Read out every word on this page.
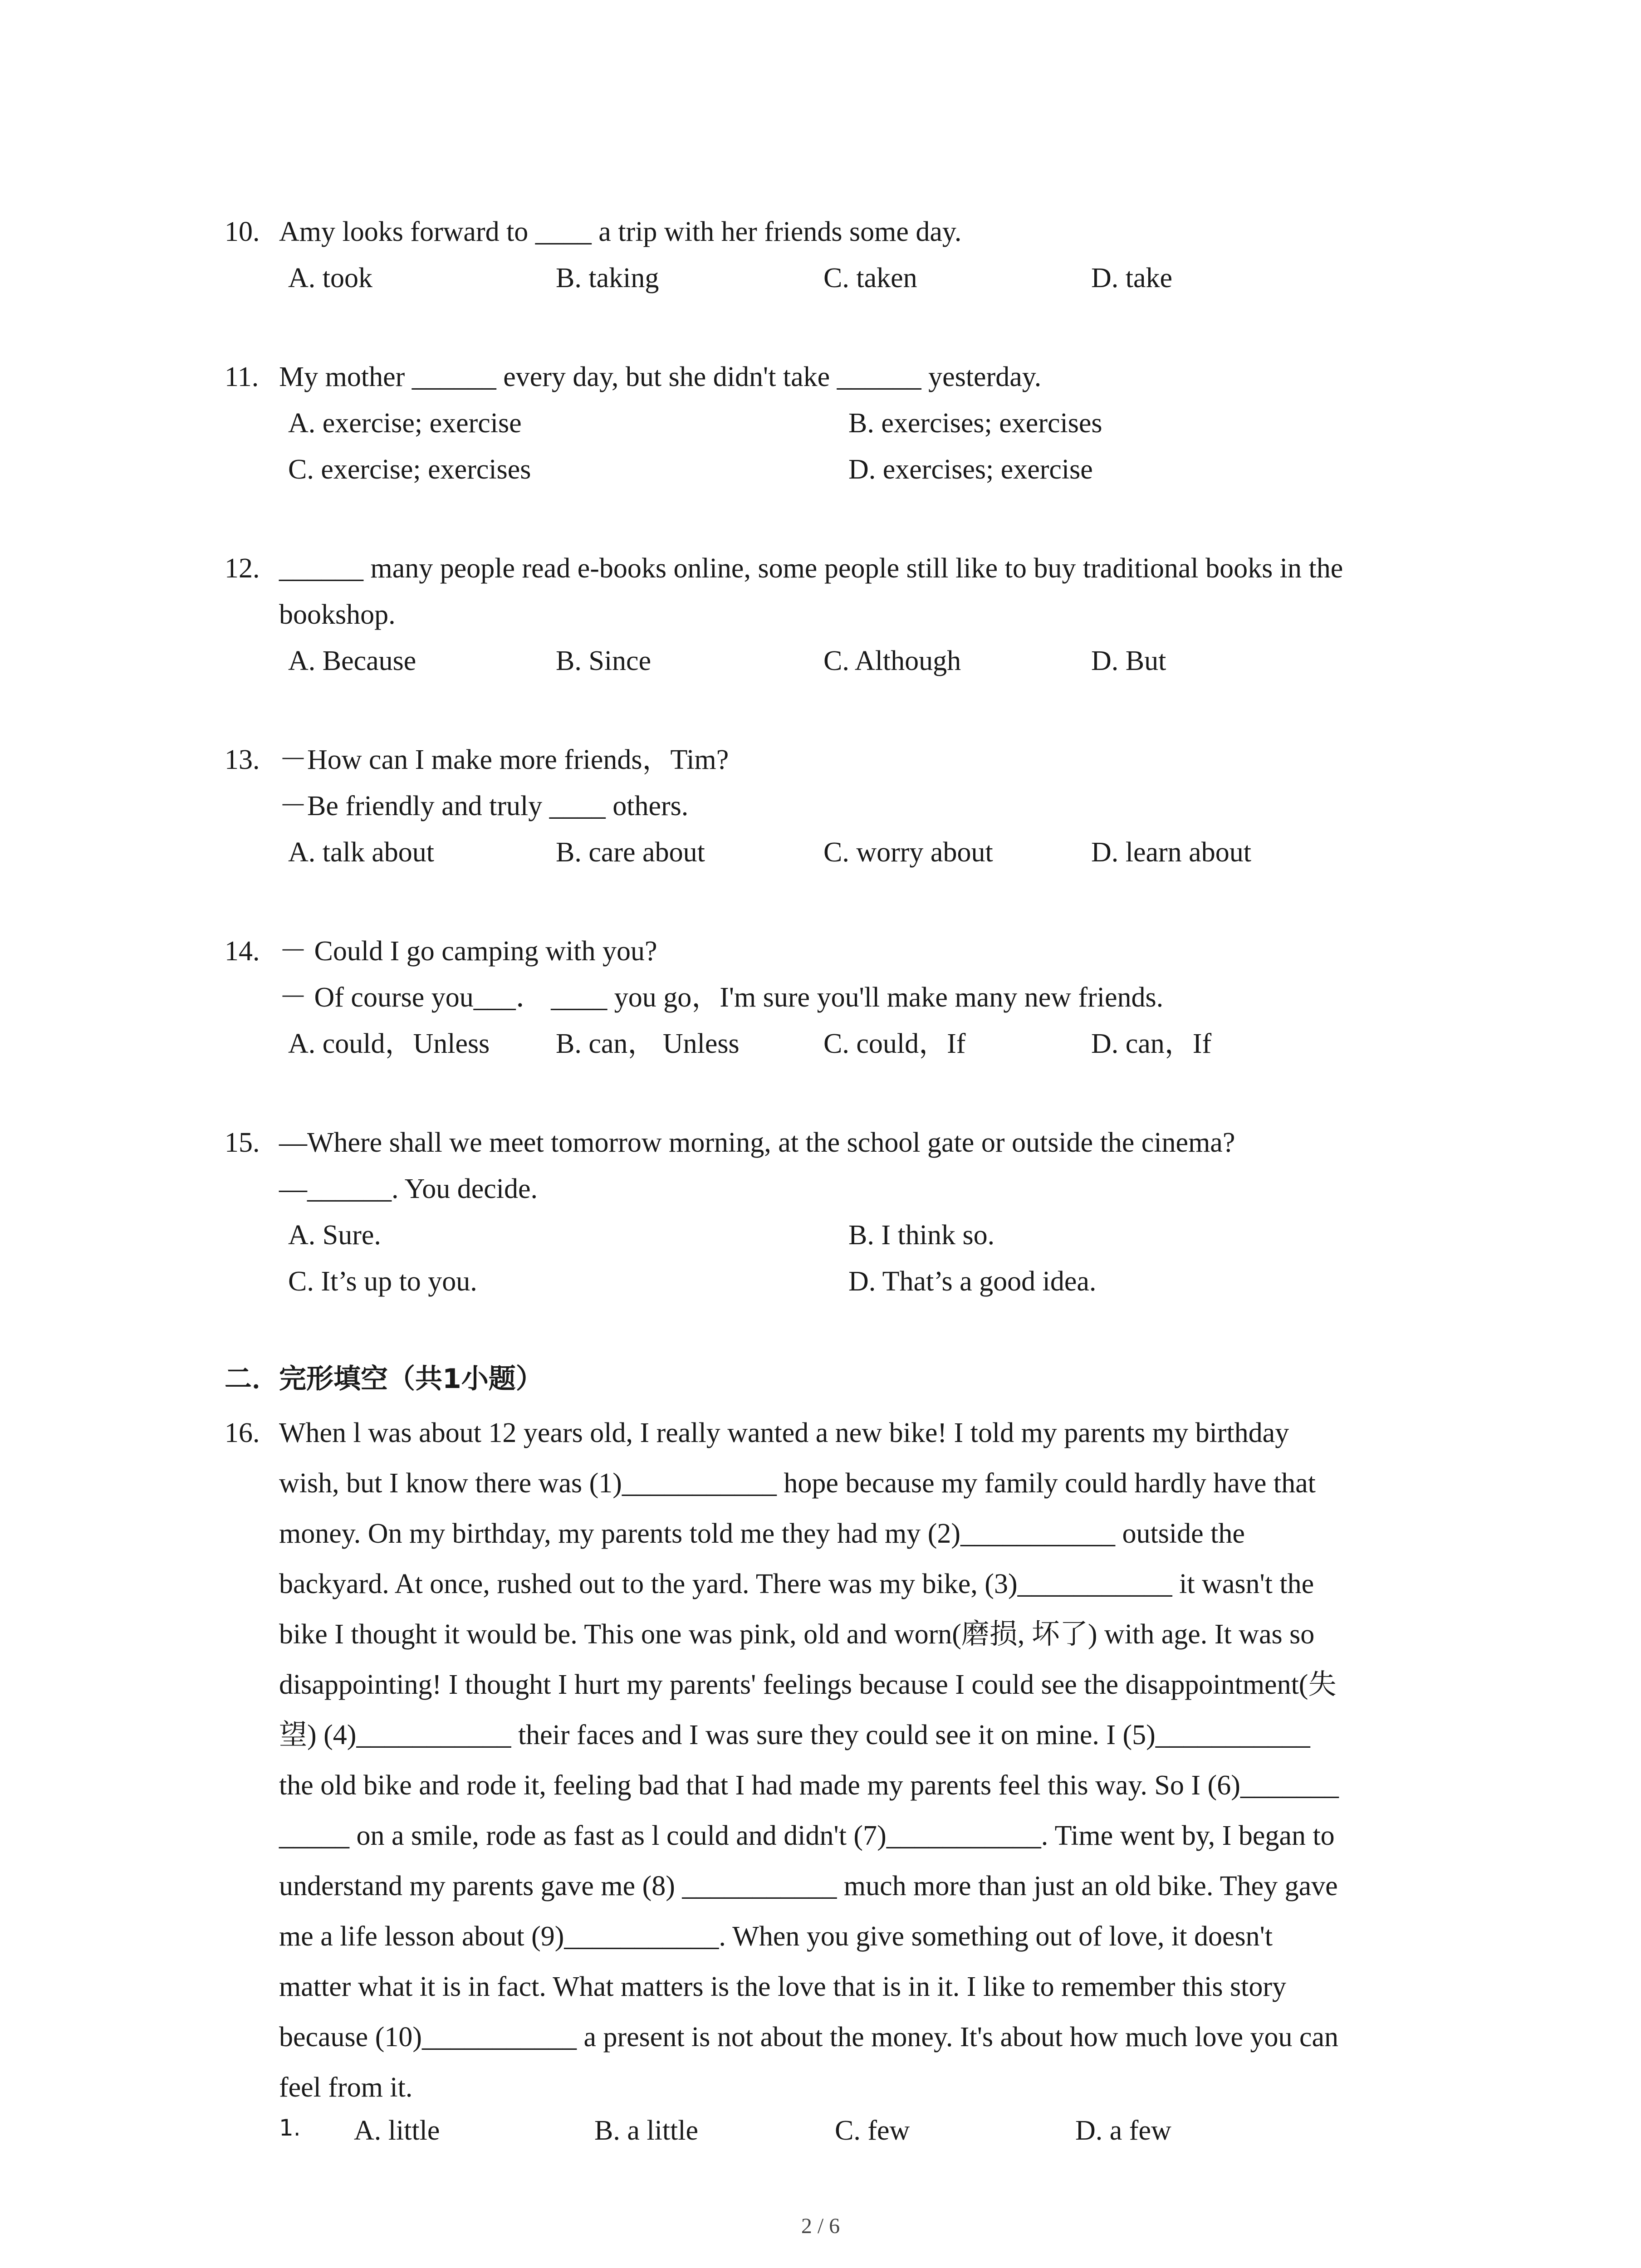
10. Amy looks forward to ____ a trip with her friends some day.
A. took	B. taking	C. taken	D. take
11. My mother ______ every day, but she didn't take ______ yesterday.
A. exercise; exercise	B. exercises; exercises
C. exercise; exercises	D. exercises; exercise
12. ______ many people read e-books online, some people still like to buy traditional books in the
bookshop.
A. Because	B. Since	C. Although	D. But
13. －How can I make more friends，Tim?
－Be friendly and truly ____ others.
A. talk about	B. care about	C. worry about	D. learn about
14. － Could I go camping with you?
－ Of course you___． ____ you go，I'm sure you'll make many new friends.
A. could，Unless B. can， Unless	C. could，If	D. can，If
15. —Where shall we meet tomorrow morning, at the school gate or outside the cinema?
—______. You decide.
A. Sure.	B. I think so.
C. It’s up to you.	D. That’s a good idea.
二．完形填空（共1小题）
16. When l was about 12 years old, I really wanted a new bike! I told my parents my birthday
wish, but I know there was (1)___________ hope because my family could hardly have that
money. On my birthday, my parents told me they had my (2)___________ outside the
backyard. At once, rushed out to the yard. There was my bike, (3)___________ it wasn't the
bike I thought it would be. This one was pink, old and worn(磨损, 坏了) with age. It was so
disappointing! I thought I hurt my parents' feelings because I could see the disappointment(失
望) (4)___________ their faces and I was sure they could see it on mine. I (5)___________
the old bike and rode it, feeling bad that I had made my parents feel this way. So I (6)_______
_____ on a smile, rode as fast as l could and didn't (7)___________. Time went by, I began to
understand my parents gave me (8) ___________ much more than just an old bike. They gave
me a life lesson about (9)___________. When you give something out of love, it doesn't
matter what it is in fact. What matters is the love that is in it. I like to remember this story
because (10)___________ a present is not about the money. It's about how much love you can
feel from it.
1. A. little	B. a little	C. few	D. a few
2 / 6
